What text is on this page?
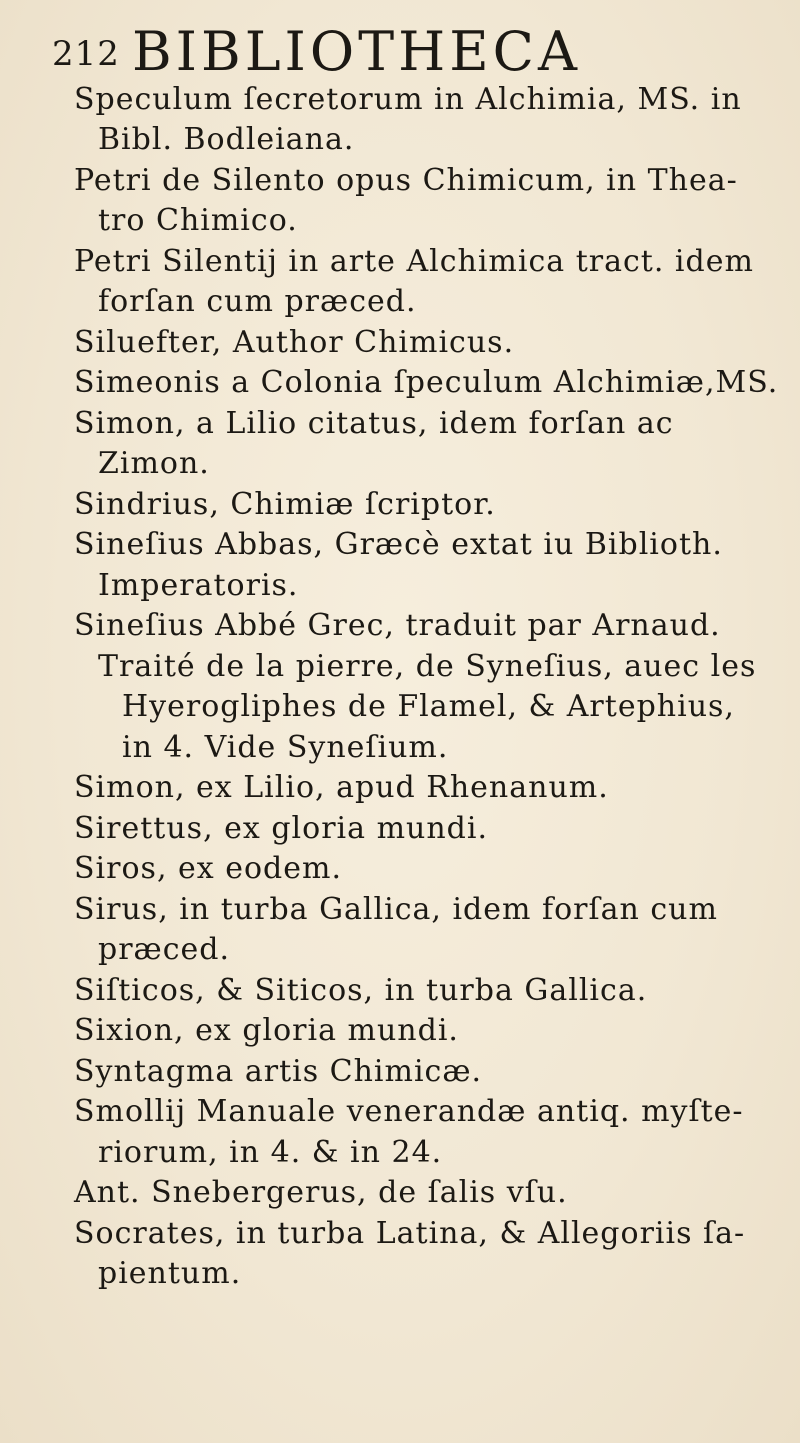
212 BIBLIOTHECA
Speculum ſecretorum in Alchimia, MS. in
Bibl. Bodleiana.
Petri de Silento opus Chimicum, in Thea-
tro Chimico.
Petri Silentij in arte Alchimica tract. idem
forſan cum præced.
Siluefter, Author Chimicus.
Simeonis a Colonia ſpeculum Alchimiæ,MS.
Simon, a Lilio citatus, idem forſan ac
Zimon.
Sindrius, Chimiæ ſcriptor.
Sineſius Abbas, Græcè extat iu Biblioth.
Imperatoris.
Sineſius Abbé Grec, traduit par Arnaud.
Traité de la pierre, de Syneſius, auec les
Hyerogliphes de Flamel, & Artephius,
in 4. Vide Syneſium.
Simon, ex Lilio, apud Rhenanum.
Sirettus, ex gloria mundi.
Siros, ex eodem.
Sirus, in turba Gallica, idem forſan cum
præced.
Siſticos, & Siticos, in turba Gallica.
Sixion, ex gloria mundi.
Syntagma artis Chimicæ.
Smollij Manuale venerandæ antiq. myſte-
riorum, in 4. & in 24.
Ant. Snebergerus, de ſalis vſu.
Socrates, in turba Latina, & Allegoriis ſa-
pientum.
